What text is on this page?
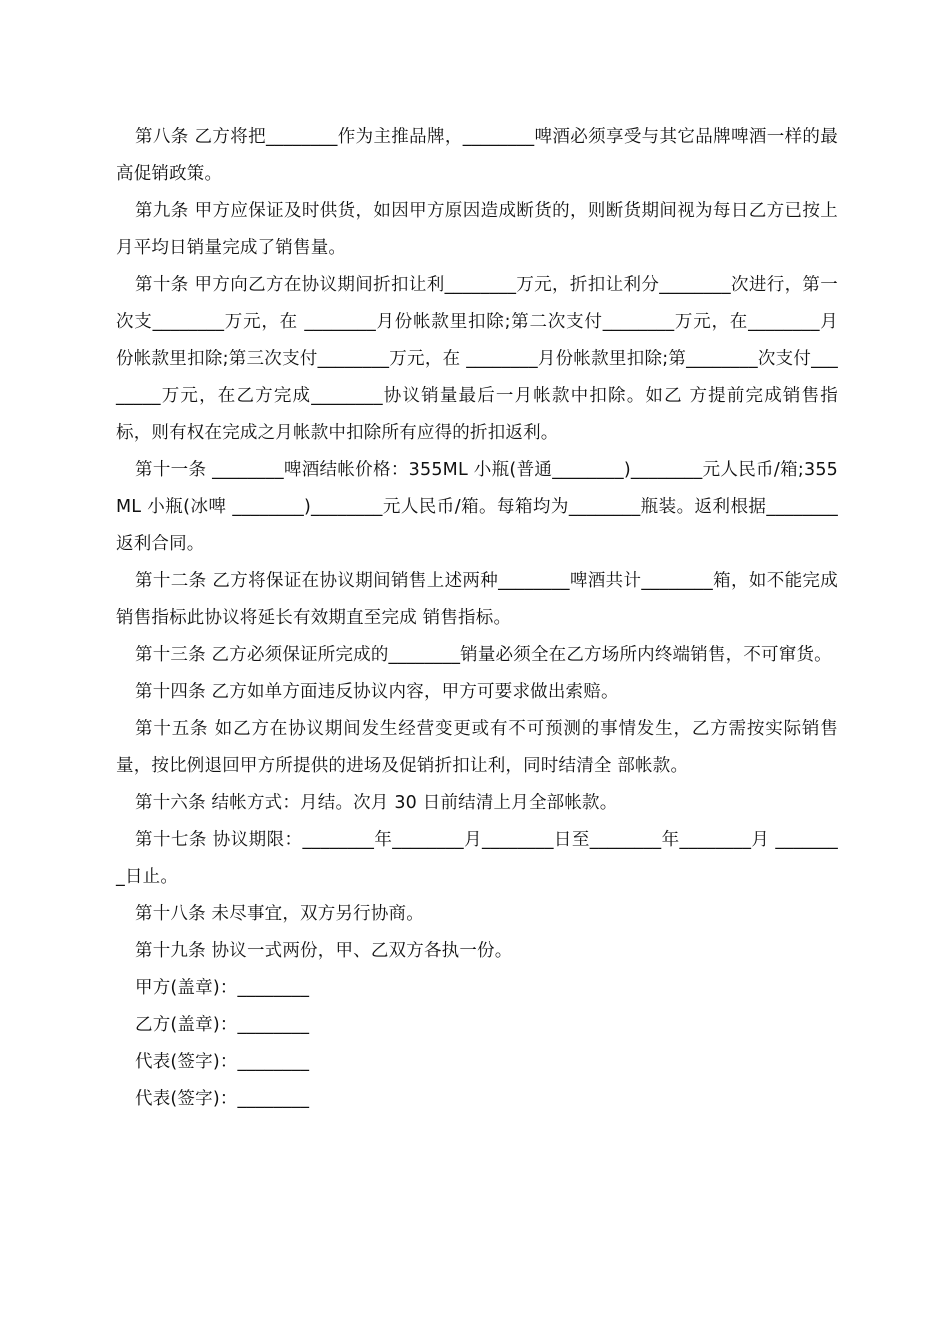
第八条 乙方将把________作为主推品牌，________啤酒必须享受与其它品牌啤酒一样的最高促销政策。

第九条 甲方应保证及时供货，如因甲方原因造成断货的，则断货期间视为每日乙方已按上月平均日销量完成了销售量。

第十条 甲方向乙方在协议期间折扣让利________万元，折扣让利分________次进行，第一次支________万元，在 ________月份帐款里扣除;第二次支付________万元，在________月份帐款里扣除;第三次支付________万元，在 ________月份帐款里扣除;第________次支付________万元，在乙方完成________协议销量最后一月帐款中扣除。如乙 方提前完成销售指标，则有权在完成之月帐款中扣除所有应得的折扣返利。

第十一条 ________啤酒结帐价格：355ML 小瓶(普通________)________元人民币/箱;355ML 小瓶(冰啤 ________)________元人民币/箱。每箱均为________瓶装。返利根据________返利合同。

第十二条 乙方将保证在协议期间销售上述两种________啤酒共计________箱，如不能完成销售指标此协议将延长有效期直至完成 销售指标。

第十三条 乙方必须保证所完成的________销量必须全在乙方场所内终端销售，不可窜货。

第十四条 乙方如单方面违反协议内容，甲方可要求做出索赔。

第十五条 如乙方在协议期间发生经营变更或有不可预测的事情发生，乙方需按实际销售量，按比例退回甲方所提供的进场及促销折扣让利，同时结清全 部帐款。

第十六条 结帐方式：月结。次月 30 日前结清上月全部帐款。

第十七条 协议期限：________年________月________日至________年________月 ________日止。

第十八条 未尽事宜，双方另行协商。

第十九条 协议一式两份，甲、乙双方各执一份。

甲方(盖章)：________

乙方(盖章)：________

代表(签字)：________

代表(签字)：________
